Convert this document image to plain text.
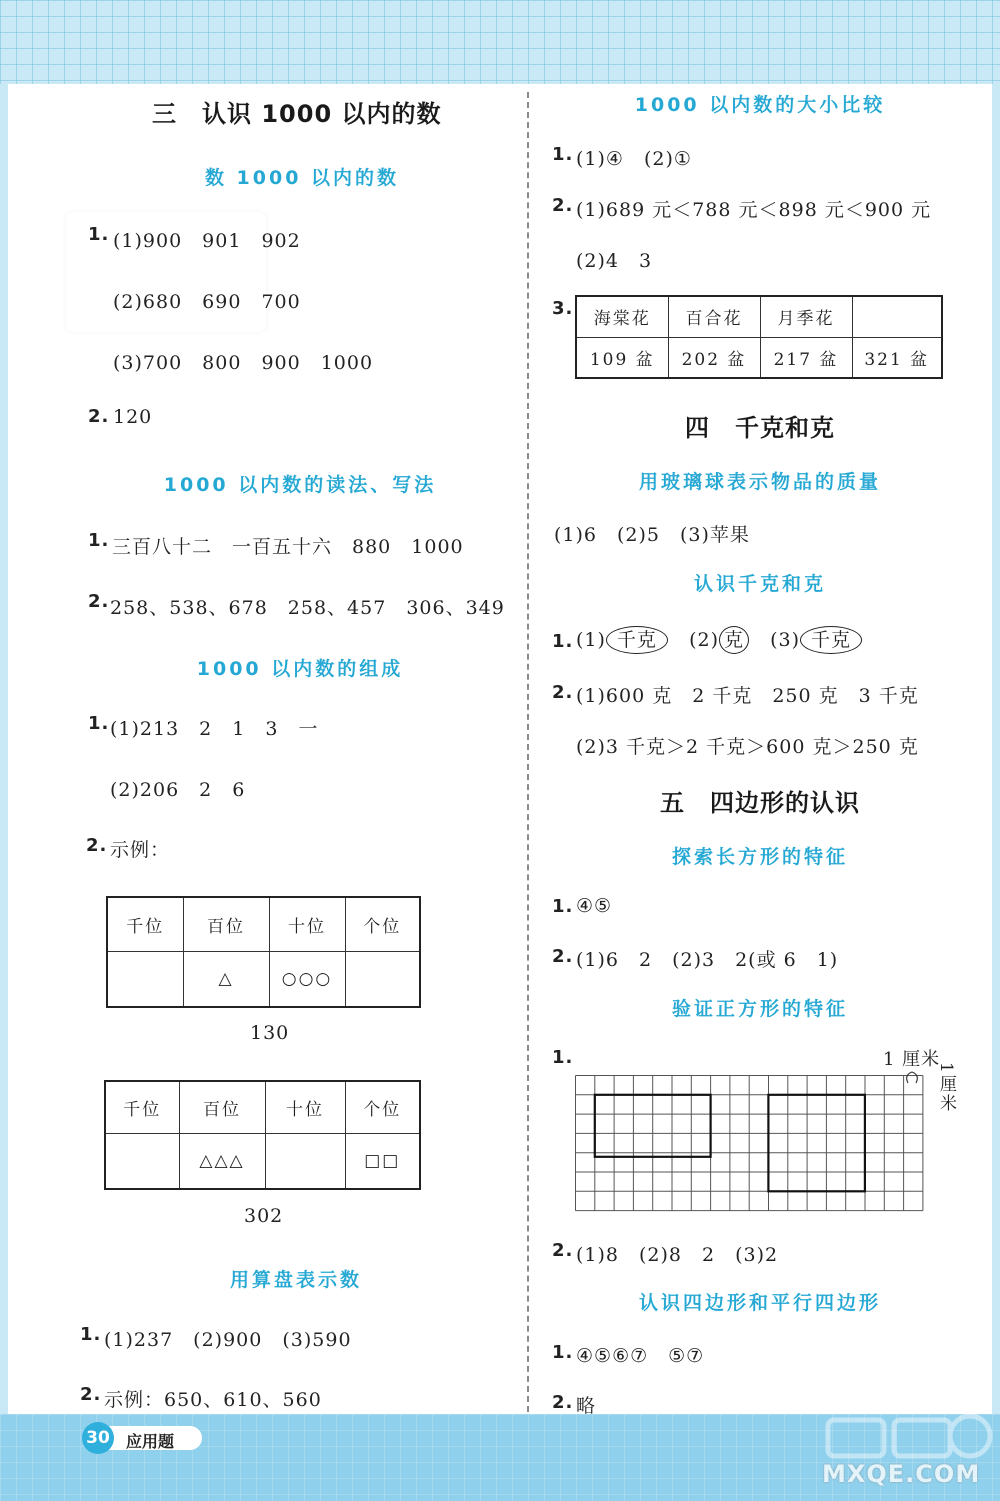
三　认识 1000 以内的数
数 1000 以内的数
1. (1)900　901　902
(2)680　690　700
(3)700　800　900　1000
2. 120
1000 以内数的读法、写法
1. 三百八十二　一百五十六　880　1000
2. 258、538、678　258、457　306、349
1000 以内数的组成
1. (1)213　2　1　3　一
(2)206　2　6
2. 示例：
千位	百位	十位	个位
	△	○○○	
130
千位	百位	十位	个位
	△△△		□□
302
用算盘表示数
1. (1)237　(2)900　(3)590
2. 示例：650、610、560
1000 以内数的大小比较
1. (1)④　(2)①
2. (1)689 元＜788 元＜898 元＜900 元
(2)4　3
3.
海棠花	百合花	月季花	
109 盆	202 盆	217 盆	321 盆
四　千克和克
用玻璃球表示物品的质量
(1)6　(2)5　(3)苹果
认识千克和克
1. (1) 千克 (2) 克 (3) 千克
2. (1)600 克　2 千克　250 克　3 千克
(2)3 千克＞2 千克＞600 克＞250 克
五　四边形的认识
探索长方形的特征
1. ④⑤
2. (1)6　2　(2)3　2(或 6　1)
验证正方形的特征
1.	1 厘米
1厘米
2. (1)8　(2)8　2　(3)2
认识四边形和平行四边形
1. ④⑤⑥⑦　⑤⑦
2. 略
30 应用题
MXQE.COM
